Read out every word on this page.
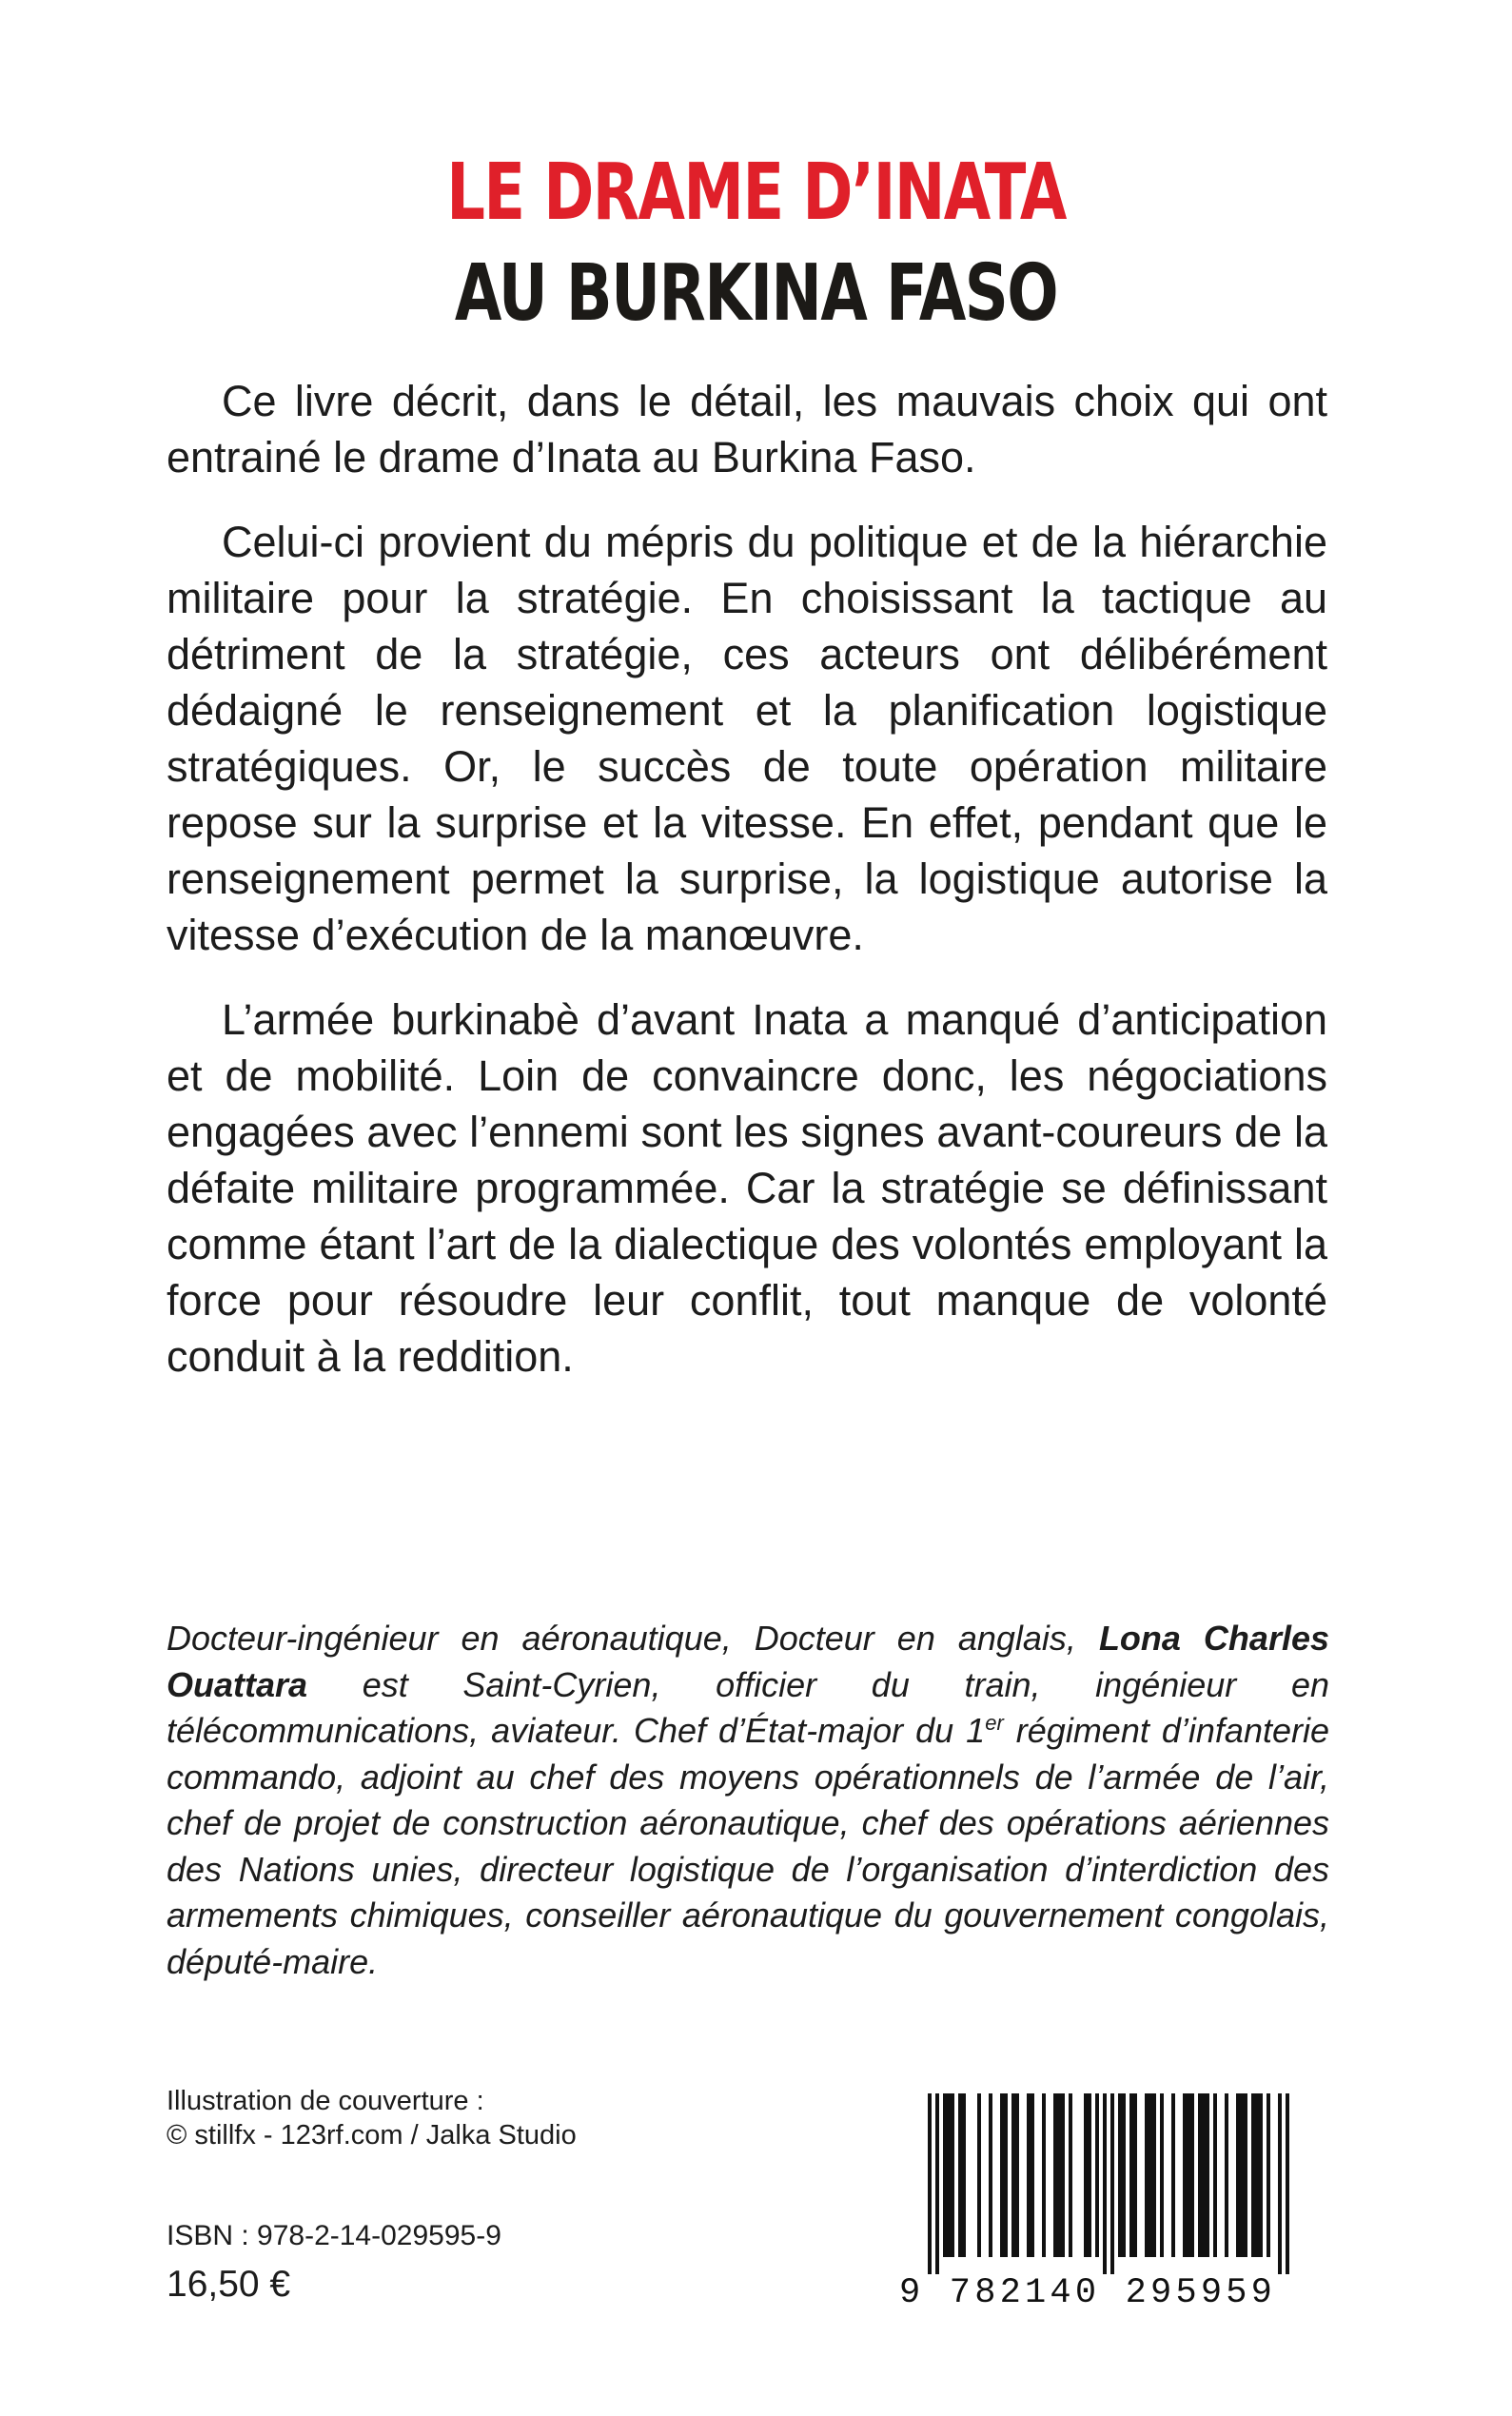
LE DRAME D’INATA
AU BURKINA FASO

Ce livre décrit, dans le détail, les mauvais choix qui ont entrainé le drame d’Inata au Burkina Faso.

Celui-ci provient du mépris du politique et de la hiérarchie militaire pour la stratégie. En choisissant la tactique au détriment de la stratégie, ces acteurs ont délibérément dédaigné le renseignement et la planification logistique stratégiques. Or, le succès de toute opération militaire repose sur la surprise et la vitesse. En effet, pendant que le renseignement permet la surprise, la logistique autorise la vitesse d’exécution de la manœuvre.

L’armée burkinabè d’avant Inata a manqué d’anticipation et de mobilité. Loin de convaincre donc, les négociations engagées avec l’ennemi sont les signes avant-coureurs de la défaite militaire programmée. Car la stratégie se définissant comme étant l’art de la dialectique des volontés employant la force pour résoudre leur conflit, tout manque de volonté conduit à la reddition.

Docteur-ingénieur en aéronautique, Docteur en anglais, Lona Charles Ouattara est Saint-Cyrien, officier du train, ingénieur en télécommunications, aviateur. Chef d’État-major du 1er régiment d’infanterie commando, adjoint au chef des moyens opérationnels de l’armée de l’air, chef de projet de construction aéronautique, chef des opérations aériennes des Nations unies, directeur logistique de l’organisation d’interdiction des armements chimiques, conseiller aéronautique du gouvernement congolais, député-maire.
Illustration de couverture :
© stillfx - 123rf.com / Jalka Studio
ISBN : 978-2-14-029595-9
16,50 €	9 782140 295959
